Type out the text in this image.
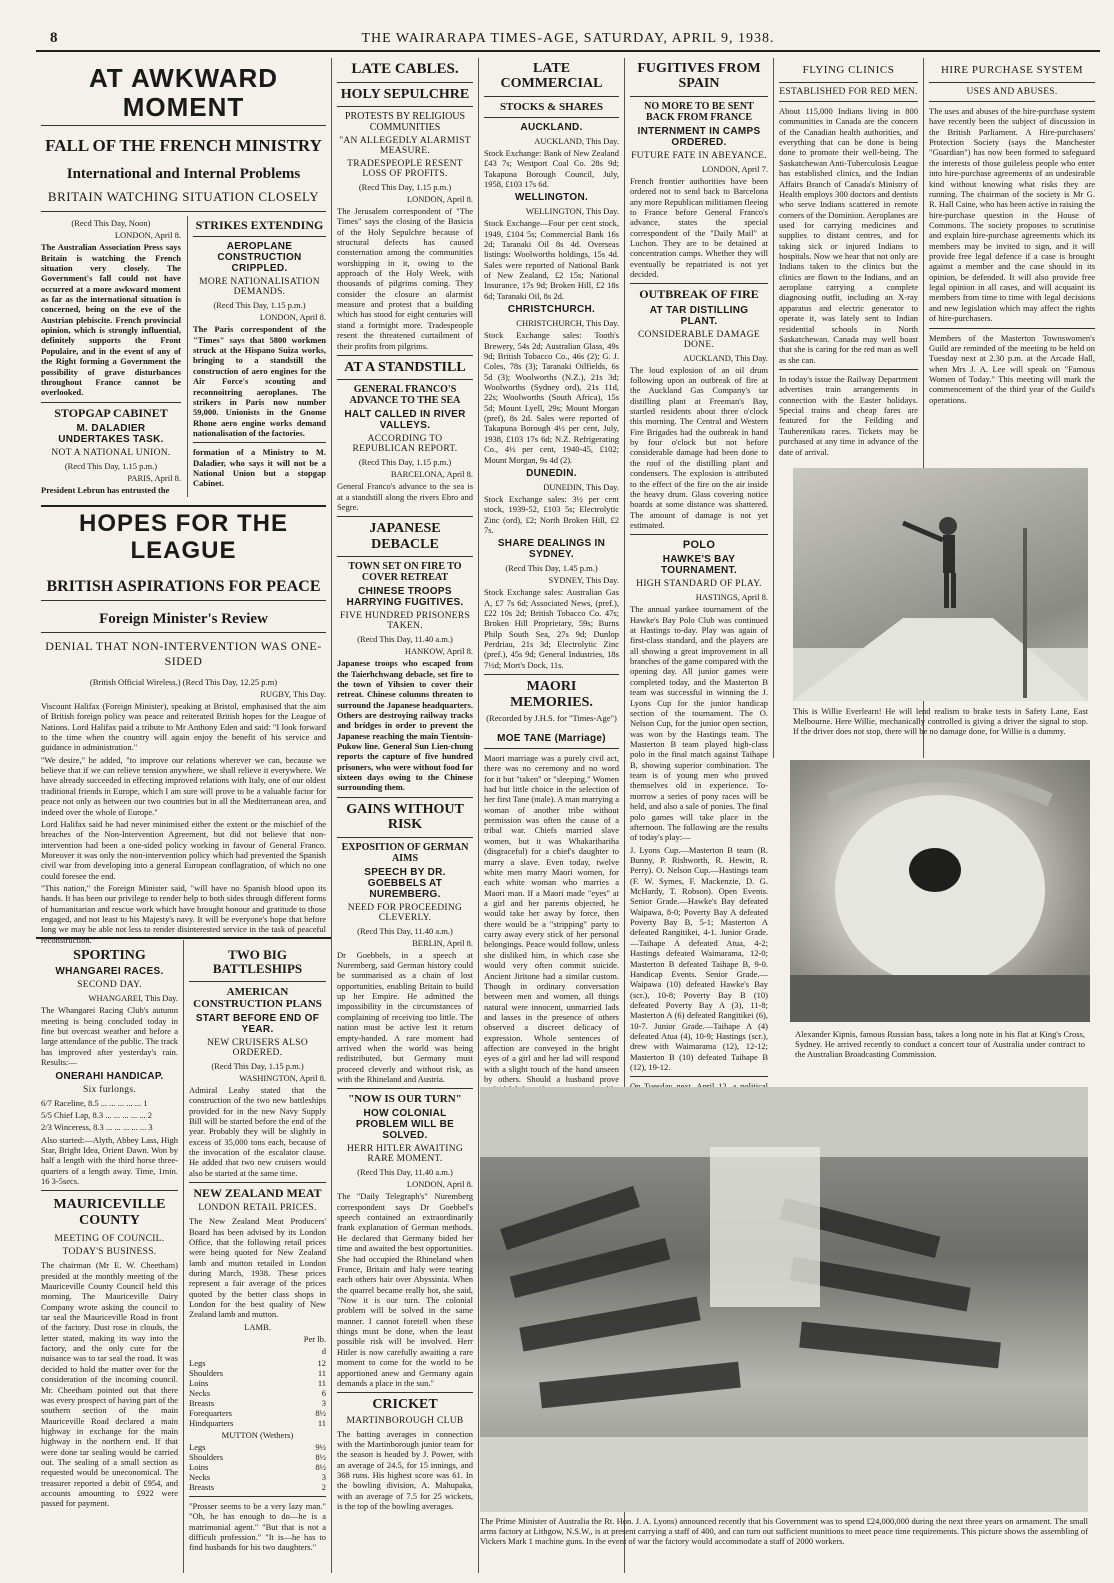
8	THE WAIRARAPA TIMES-AGE, SATURDAY, APRIL 9, 1938.
AT AWKWARD MOMENT
FALL OF THE FRENCH MINISTRY
International and Internal Problems
BRITAIN WATCHING SITUATION CLOSELY
(Recd This Day, Noon)
LONDON, April 8.
The Australian Association Press says Britain is watching the French situation very closely. The Government's fall could not have occurred at a more awkward moment as far as the international situation is concerned, being on the eve of the Austrian plebiscite. French provincial opinion, which is strongly influential, definitely supports the Front Populaire, and in the event of any of the Right forming a Government the possibility of grave disturbances throughout France cannot be overlooked.
STOPGAP CABINET
M. DALADIER UNDERTAKES TASK.
NOT A NATIONAL UNION.
(Recd This Day, 1.15 p.m.)
PARIS, April 8.
President Lebrun has entrusted the
STRIKES EXTENDING
AEROPLANE CONSTRUCTION CRIPPLED.
MORE NATIONALISATION DEMANDS.
(Recd This Day, 1.15 p.m.)
LONDON, April 8.
The Paris correspondent of the "Times" says that 5800 workmen struck at the Hispano Suiza works, bringing to a standstill the construction of aero engines for the Air Force's scouting and reconnoitring aeroplanes. The strikers in Paris now number 59,000. Unionists in the Gnome Rhone aero engine works demand nationalisation of the factories.
formation of a Ministry to M. Daladier, who says it will not be a National Union but a stopgap Cabinet.
HOPES FOR THE LEAGUE
BRITISH ASPIRATIONS FOR PEACE
Foreign Minister's Review
DENIAL THAT NON-INTERVENTION WAS ONE-SIDED
(British Official Wireless.) (Recd This Day, 12.25 p.m)
RUGBY, This Day.
Viscount Halifax (Foreign Minister), speaking at Bristol, emphasised that the aim of British foreign policy was peace and reiterated British hopes for the League of Nations. Lord Halifax paid a tribute to Mr Anthony Eden and said: "I look forward to the time when the country will again enjoy the benefit of his service and guidance in administration."
"We desire," he added, "to improve our relations wherever we can, because we believe that if we can relieve tension anywhere, we shall relieve it everywhere. We have already succeeded in effecting improved relations with Italy, one of our oldest traditional friends in Europe, which I am sure will prove to be a valuable factor for peace not only as between our two countries but in all the Mediterranean area, and indeed over the whole of Europe."
Lord Halifax said he had never minimised either the extent or the mischief of the breaches of the Non-Intervention Agreement, but did not believe that non-intervention had been a one-sided policy working in favour of General Franco. Moreover it was only the non-intervention policy which had prevented the Spanish civil war from developing into a general European conflagration, of which no one could foresee the end.
"This nation," the Foreign Minister said, "will have no Spanish blood upon its hands. It has been our privilege to render help to both sides through different forms of humanitarian and rescue work which have brought honour and gratitude to those engaged, and not least to his Majesty's navy. It will be everyone's hope that before long we may be able not less to render disinterested service in the task of peaceful reconstruction."
SPORTING
WHANGAREI RACES.
SECOND DAY.
WHANGAREI, This Day.
The Whangarei Racing Club's autumn meeting is being concluded today in fine but overcast weather and before a large attendance of the public. The track has improved after yesterday's rain. Results:—
ONERAHI HANDICAP.
Six furlongs.
6/7 Raceline, 8.5 ... ... ... ... ... 1
5/5 Chief Lap, 8.3 ... ... ... ... ... 2
2/3 Winceress, 8.3 ... ... ... ... ... 3
Also started:—Alyth, Abbey Lass, High Star, Bright Idea, Orient Dawn. Won by half a length with the third horse three-quarters of a length away. Time, 1min. 16 3-5secs.
MAURICEVILLE COUNTY
MEETING OF COUNCIL.
TODAY'S BUSINESS.
The chairman (Mr E. W. Cheetham) presided at the monthly meeting of the Mauriceville County Council held this morning. The Mauriceville Dairy Company wrote asking the council to tar seal the Mauriceville Road in front of the factory. Dust rose in clouds, the letter stated, making its way into the factory, and the only cure for the nuisance was to tar seal the road. It was decided to hold the matter over for the consideration of the incoming council. Mr. Cheetham pointed out that there was every prospect of having part of the southern section of the main Mauriceville Road declared a main highway in exchange for the main highway in the northern end. If that were done tar sealing would be carried out. The sealing of a small section as requested would be uneconomical. The treasurer reported a debit of £954, and accounts amounting to £922 were passed for payment.
TWO BIG BATTLESHIPS
AMERICAN CONSTRUCTION PLANS
START BEFORE END OF YEAR.
NEW CRUISERS ALSO ORDERED.
(Recd This Day, 1.15 p.m.)
WASHINGTON, April 8.
Admiral Leahy stated that the construction of the two new battleships provided for in the new Navy Supply Bill will be started before the end of the year. Probably they will be slightly in excess of 35,000 tons each, because of the invocation of the escalator clause. He added that two new cruisers would also be started at the same time.
NEW ZEALAND MEAT
LONDON RETAIL PRICES.
The New Zealand Meat Producers' Board has been advised by its London Office, that the following retail prices were being quoted for New Zealand lamb and mutton retailed in London during March, 1938. These prices represent a fair average of the prices quoted by the better class shops in London for the best quality of New Zealand lamb and mutton.
LAMB.
Per lb.
d
Legs	12
Shoulders	11
Loins	11
Necks	6
Breasts	3
Forequarters	8½
Hindquarters	11
MUTTON (Wethers)
Legs	9½
Shoulders	8½
Loins	8½
Necks	3
Breasts	2
"Prosser seems to be a very lazy man." "Oh, he has enough to do—he is a matrimonial agent." "But that is not a difficult profession." "It is—he has to find husbands for his two daughters."
LATE CABLES.
HOLY SEPULCHRE
PROTESTS BY RELIGIOUS COMMUNITIES
"AN ALLEGEDLY ALARMIST MEASURE.
TRADESPEOPLE RESENT LOSS OF PROFITS.
(Recd This Day, 1.15 p.m.)
LONDON, April 8.
The Jerusalem correspondent of "The Times" says the closing of the Basicia of the Holy Sepulchre because of structural defects has caused consternation among the communities worshipping in it, owing to the approach of the Holy Week, with thousands of pilgrims coming. They consider the closure an alarmist measure and protest that a building which has stood for eight centuries will stand a fortnight more. Tradespeople resent the threatened curtailment of their profits from pilgrims.
AT A STANDSTILL
GENERAL FRANCO'S ADVANCE TO THE SEA
HALT CALLED IN RIVER VALLEYS.
ACCORDING TO REPUBLICAN REPORT.
(Recd This Day, 1.15 p.m.)
BARCELONA, April 8.
General Franco's advance to the sea is at a standstill along the rivers Ebro and Segre.
JAPANESE DEBACLE
TOWN SET ON FIRE TO COVER RETREAT
CHINESE TROOPS HARRYING FUGITIVES.
FIVE HUNDRED PRISONERS TAKEN.
(Recd This Day, 11.40 a.m.)
HANKOW, April 8.
Japanese troops who escaped from the Taierhchwang debacle, set fire to the town of Yihsien to cover their retreat. Chinese columns threaten to surround the Japanese headquarters. Others are destroying railway tracks and bridges in order to prevent the Japanese reaching the main Tientsin-Pukow line. General Sun Lien-chung reports the capture of five hundred prisoners, who were without food for sixteen days owing to the Chinese surrounding them.
GAINS WITHOUT RISK
EXPOSITION OF GERMAN AIMS
SPEECH BY DR. GOEBBELS AT NUREMBERG.
NEED FOR PROCEEDING CLEVERLY.
(Recd This Day, 11.40 a.m.)
BERLIN, April 8.
Dr Goebbels, in a speech at Nuremberg, said German history could be summarised as a chain of lost opportunities, enabling Britain to build up her Empire. He admitted the impossibility in the circumstances of complaining of receiving too little. The nation must be active lest it return empty-handed. A rare moment had arrived when the world was being redistributed, but Germany must proceed cleverly and without risk, as with the Rhineland and Austria.
"NOW IS OUR TURN"
HOW COLONIAL PROBLEM WILL BE SOLVED.
HERR HITLER AWAITING RARE MOMENT.
(Recd This Day, 11.40 a.m.)
LONDON, April 8.
The "Daily Telegraph's" Nuremberg correspondent says Dr Goebbel's speech contained an extraordinarily frank explanation of German methods. He declared that Germany bided her time and awaited the best opportunities. She had occupied the Rhineland when France, Britain and Italy were tearing each others hair over Abyssinia. When the quarrel became really hot, she said, "Now it is our turn. The colonial problem will be solved in the same manner. I cannot foretell when these things must be done, when the least possible risk will be involved. Herr Hitler is now carefully awaiting a rare moment to come for the world to be apportioned anew and Germany again demands a place in the sun."
CRICKET
MARTINBOROUGH CLUB
The batting averages in connection with the Martinborough junior team for the season is headed by J. Power, with an average of 24.5, for 15 innings, and 368 runs. His highest score was 61. In the bowling division, A. Mahupaka, with an average of 7.5 for 25 wickets, is the top of the bowling averages.
LATE COMMERCIAL
STOCKS & SHARES
AUCKLAND.
AUCKLAND, This Day.
Stock Exchange: Bank of New Zealand £43 7s; Westport Coal Co. 28s 9d; Takapuna Borough Council, July, 1958, £103 17s 6d.
WELLINGTON.
WELLINGTON, This Day.
Stock Exchange—Four per cent stock, 1949, £104 5s; Commercial Bank 16s 2d; Taranaki Oil 8s 4d. Overseas listings: Woolworths holdings, 15s 4d. Sales were reported of National Bank of New Zealand, £2 15s; National Insurance, 17s 9d; Broken Hill, £2 18s 6d; Taranaki Oil, 8s 2d.
CHRISTCHURCH.
CHRISTCHURCH, This Day.
Stock Exchange sales: Tooth's Brewery, 54s 2d; Australian Glass, 49s 9d; British Tobacco Co., 46s (2); G. J. Coles, 78s (3); Taranaki Oilfields, 6s 5d (3); Woolworths (N.Z.), 21s 3d; Woolworths (Sydney ord), 21s 11d, 22s; Woolworths (South Africa), 15s 5d; Mount Lyell, 29s; Mount Morgan (pref), 8s 2d. Sales were reported of Takapuna Borough 4½ per cent, July, 1938, £103 17s 6d; N.Z. Refrigerating Co., 4½ per cent, 1940-45, £102; Mount Morgan, 9s 4d (2).
DUNEDIN.
DUNEDIN, This Day.
Stock Exchange sales: 3½ per cent stock, 1939-52, £103 5s; Electrolytic Zinc (ord), £2; North Broken Hill, £2 7s.
SHARE DEALINGS IN SYDNEY.
(Recd This Day, 1.45 p.m.)
SYDNEY, This Day.
Stock Exchange sales: Australian Gas A, £7 7s 6d; Associated News, (pref.), £22 10s 2d; British Tobacco Co. 47s; Broken Hill Proprietary, 59s; Burns Philp South Sea, 27s 9d; Dunlop Perdriau, 21s 3d; Electrolytic Zinc (pref.), 45s 9d; General Industries, 18s 7½d; Mort's Dock, 11s.
MAORI MEMORIES.
(Recorded by J.H.S. for "Times-Age")
MOE TANE (Marriage)
Maori marriage was a purely civil act, there was no ceremony and no word for it but "taken" or "sleeping." Women had but little choice in the selection of her first Tane (male). A man marrying a woman of another tribe without permission was often the cause of a tribal war. Chiefs married slave women, but it was Whakarihariha (disgraceful) for a chief's daughter to marry a slave. Even today, twelve white men marry Maori women, for each white woman who marries a Maori man. If a Maori made "eyes" at a girl and her parents objected, he would take her away by force, then there would be a "stripping" party to carry away every stick of her personal belongings. Peace would follow, unless she disliked him, in which case she would very often commit suicide. Ancient Jiritone had a similar custom. Though in ordinary conversation between men and women, all things natural were innocent, unmarried lads and lasses in the presence of others observed a discreet delicacy of expression. Whole sentences of affection are conveyed in the bright eyes of a girl and her lad will respond with a slight touch of the hand unseen by others. Should a husband prove
FUGITIVES FROM SPAIN
NO MORE TO BE SENT BACK FROM FRANCE
INTERNMENT IN CAMPS ORDERED.
FUTURE FATE IN ABEYANCE.
LONDON, April 7.
French frontier authorities have been ordered not to send back to Barcelona any more Republican militiamen fleeing to France before General Franco's advance, states the special correspondent of the "Daily Mail" at Luchon. They are to be detained at concentration camps. Whether they will eventually be repatriated is not yet decided.
OUTBREAK OF FIRE
AT TAR DISTILLING PLANT.
CONSIDERABLE DAMAGE DONE.
AUCKLAND, This Day.
The loud explosion of an oil drum following upon an outbreak of fire at the Auckland Gas Company's tar distilling plant at Freeman's Bay, startled residents about three o'clock this morning. The Central and Western Fire Brigades had the outbreak in hand by four o'clock but not before considerable damage had been done to the roof of the distilling plant and condensers. The explosion is attributed to the effect of the fire on the air inside the heavy drum. Glass covering notice boards at some distance was shattered. The amount of damage is not yet estimated.
POLO
HAWKE'S BAY TOURNAMENT.
HIGH STANDARD OF PLAY.
HASTINGS, April 8.
The annual yankee tournament of the Hawke's Bay Polo Club was continued at Hastings to-day. Play was again of first-class standard, and the players are all showing a great improvement in all branches of the game compared with the opening day. All junior games were completed today, and the Masterton B team was successful in winning the J. Lyons Cup for the junior handicap section of the tournament. The O. Nelson Cup, for the junior open section, was won by the Hastings team. The Masterton B team played high-class polo in the final match against Taihape B, showing superior combination. The team is of young men who proved themselves old in experience. To-morrow a series of pony races will be held, and also a sale of ponies. The final polo games will take place in the afternoon. The following are the results of today's play:—
J. Lyons Cup.—Masterton B team (R. Bunny, P. Rishworth, R. Hewitt, R. Perry). O. Nelson Cup.—Hastings team (F. W. Symes, F. Mackenzie, D. G. McHardy, T. Robson). Open Events. Senior Grade.—Hawke's Bay defeated Waipawa, 8-0; Poverty Bay A defeated Poverty Bay B, 5-1; Masterton A defeated Rangitikei, 4-1. Junior Grade.—Taihape A defeated Atua, 4-2; Hastings defeated Waimarama, 12-0; Masterton B defeated Taihape B, 9-0. Handicap Events. Senior Grade.—Waipawa (10) defeated Hawke's Bay (scr.), 10-8; Poverty Bay B (10) defeated Poverty Bay A (3), 11-8; Masterton A (6) defeated Rangitikei (6), 10-7. Junior Grade.—Taihape A (4) defeated Atua (4), 10-9; Hastings (scr.), drew with Waimarama (12), 12-12; Masterton B (10) defeated Taihape B (12), 19-12.
FLYING CLINICS
ESTABLISHED FOR RED MEN.
About 115,000 Indians living in 800 communities in Canada are the concern of the Canadian health authorities, and everything that can be done is being done to promote their well-being. The Saskatchewan Anti-Tuberculosis League has established clinics, and the Indian Affairs Branch of Canada's Ministry of Health employs 300 doctors and dentists who serve Indians scattered in remote corners of the Dominion. Aeroplanes are used for carrying medicines and supplies to distant centres, and for taking sick or injured Indians to hospitals. Now we hear that not only are Indians taken to the clinics but the clinics are flown to the Indians, and an aeroplane carrying a complete diagnosing outfit, including an X-ray apparatus and electric generator to operate it, was lately sent to Indian residential schools in North Saskatchewan. Canada may well boast that she is caring for the red man as well as she can.
In today's issue the Railway Department advertises train arrangements in connection with the Easter holidays. Special trains and cheap fares are featured for the Feilding and Tauherenikau races. Tickets may be purchased at any time in advance of the date of arrival.
HIRE PURCHASE SYSTEM
USES AND ABUSES.
The uses and abuses of the hire-purchase system have recently been the subject of discussion in the British Parliament. A Hire-purchasers' Protection Society (says the Manchester "Guardian") has now been formed to safeguard the interests of those guileless people who enter into hire-purchase agreements of an undesirable kind without knowing what risks they are running. The chairman of the society is Mr G. R. Hall Caine, who has been active in raising the hire-purchase question in the House of Commons. The society proposes to scrutinise and explain hire-purchase agreements which its members may be invited to sign, and it will provide free legal defence if a case is brought against a member and the case should in its opinion, be defended. It will also provide free legal opinion in all cases, and will acquaint its members from time to time with legal decisions and new legislation which may affect the rights of hire-purchasers.
Members of the Masterton Townswomen's Guild are reminded of the meeting to be held on Tuesday next at 2.30 p.m. at the Arcade Hall, when Mrs J. A. Lee will speak on "Famous Women of Today." This meeting will mark the commencement of the third year of the Guild's operations.
This is Willie Everlearn! He will lend realism to brake tests in Safety Lane, East Melbourne. Here Willie, mechanically controlled is giving a driver the signal to stop. If the driver does not stop, there will be no damage done, for Willie is a dummy.
Alexander Kipnis, famous Russian bass, takes a long note in his flat at King's Cross, Sydney. He arrived recently to conduct a concert tour of Australia under contract to the Australian Broadcasting Commission.
The Prime Minister of Australia the Rt. Hon. J. A. Lyons) announced recently that his Government was to spend £24,000,000 during the next three years on armament. The small arms factory at Lithgow, N.S.W., is at present carrying a staff of 400, and can turn out sufficient munitions to meet peace time requirements. This picture shows the assembling of Vickers Mark 1 machine guns. In the event of war the factory would accommodate a staff of 2000 workers.
